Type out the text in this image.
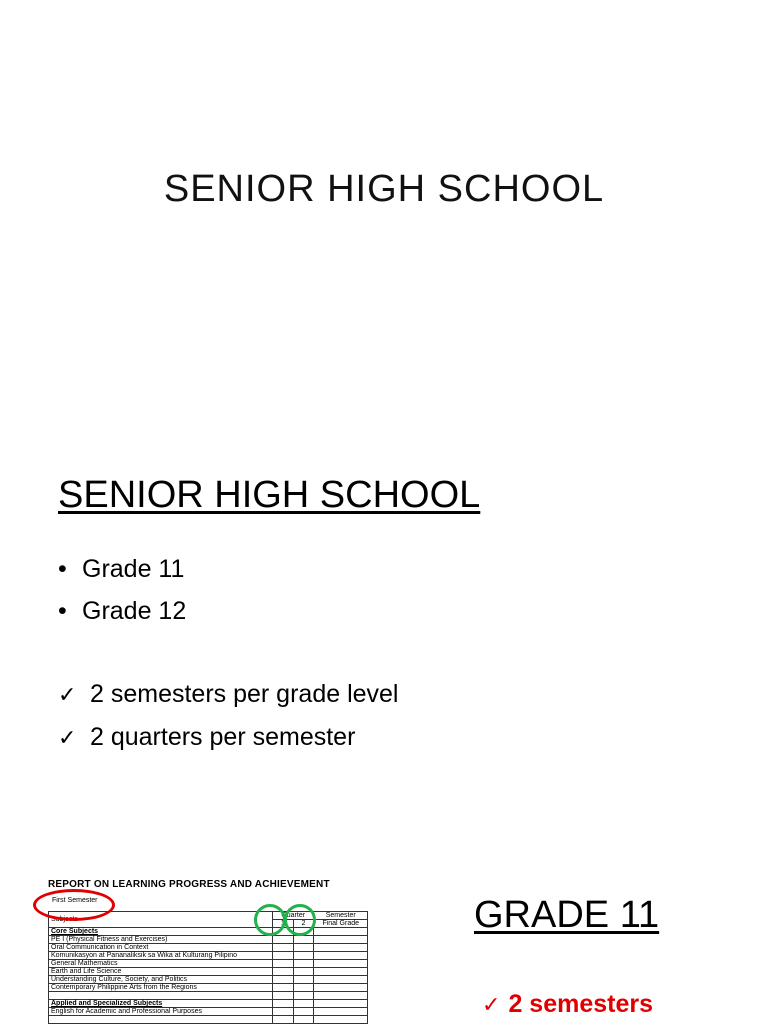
SENIOR HIGH SCHOOL
SENIOR HIGH SCHOOL
• Grade 11
• Grade 12
✓ 2 semesters per grade level
✓ 2 quarters per semester
REPORT ON LEARNING PROGRESS AND ACHIEVEMENT
First Semester
Subjects	Quarter		Semester
	1	2	Final Grade
Core Subjects			
PE I (Physical Fitness and Exercises)			
Oral Communication in Context			
Komunikasyon at Pananaliksik sa Wika at Kulturang Pilipino			
General Mathematics			
Earth and Life Science			
Understanding Culture, Society, and Politics			
Contemporary Philippine Arts from the Regions			

Applied and Specialized Subjects			
English for Academic and Professional Purposes			

GRADE 11
✓ 2 semesters
